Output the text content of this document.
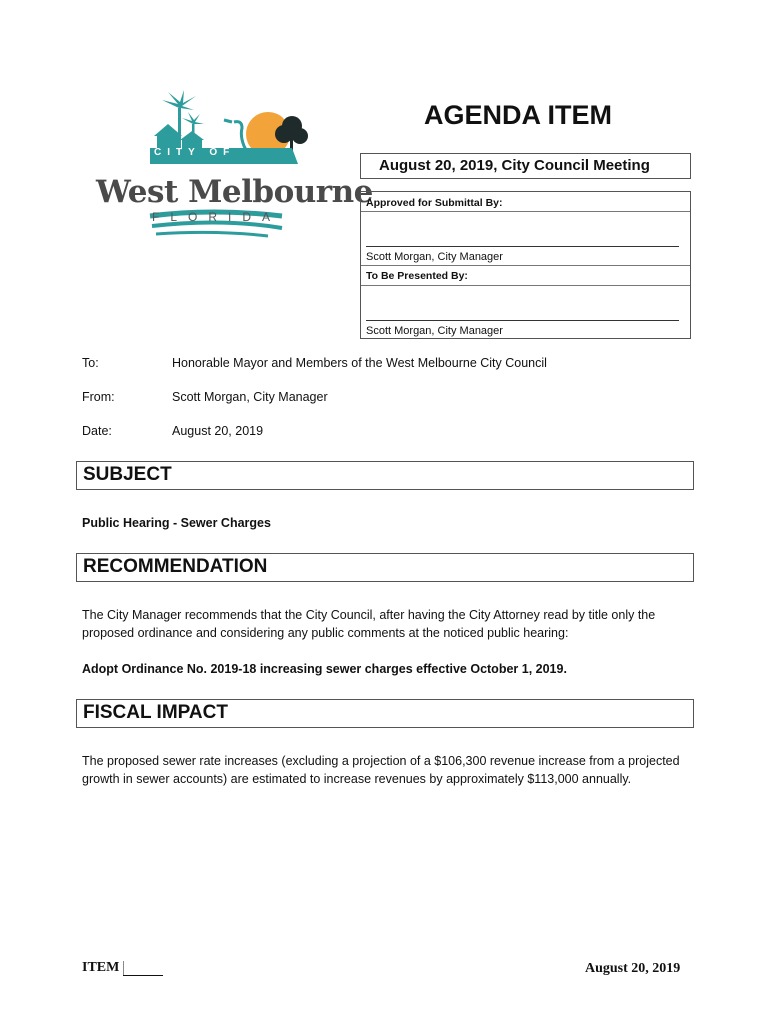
CITY OF
West Melbourne
FLORIDA
AGENDA ITEM
August 20, 2019, City Council Meeting
Approved for Submittal By:
Scott Morgan, City Manager
To Be Presented By:
Scott Morgan, City Manager
To:	Honorable Mayor and Members of the West Melbourne City Council
From:	Scott Morgan, City Manager
Date:	August 20, 2019
SUBJECT
Public Hearing - Sewer Charges
RECOMMENDATION
The City Manager recommends that the City Council, after having the City Attorney read by title only the proposed ordinance and considering any public comments at the noticed public hearing:
Adopt Ordinance No. 2019-18 increasing sewer charges effective October 1, 2019.
FISCAL IMPACT
The proposed sewer rate increases (excluding a projection of a $106,300 revenue increase from a projected growth in sewer accounts) are estimated to increase revenues by approximately $113,000 annually.
ITEM	August 20, 2019
